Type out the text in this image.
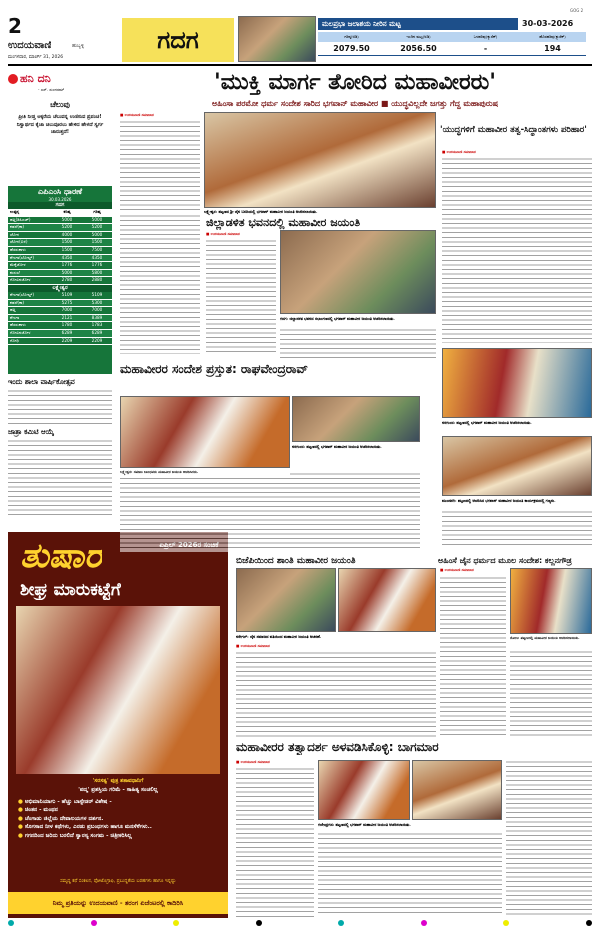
2
ಉದಯವಾಣಿ	ಹುಬ್ಬಳ್ಳಿ
ಮಂಗಳವಾರ, ಮಾರ್ಚ್ 31, 2026
ಗದಗ
ಮಲಪ್ರಭಾ ಜಲಾಶಯ ನೀರಿನ ಮಟ್ಟ	30-03-2026
GOG 2
ಗರಿಷ್ಠ(ಅಡಿ)	ಇಂದಿನ ಮಟ್ಟ(ಅಡಿ)	ಒಳಹರಿವು(ಕ್ಯುಸೆಕ್)	ಹೊರಹರಿವು(ಕ್ಯುಸೆಕ್)
2079.50	2056.50	-	194
ಹನಿ ದನಿ
- ಎಸ್. ಸುಂದರಮ್
ಚೆಲುವು
ಪ್ರೀತಿ ನೀಡ್ತ ಅಕ್ಕರೆಯ ಚೆಲುವನ್ನ ಉಣಿಸುವ ಪ್ರಪಂಚ! ನಿಸ್ವಾರ್ಥದ ಕೈಜಾ ಚಿಲುವೂರಲು ಹೇಳಿದ ಹೇಳದೆ ಸ್ವರ್ಗ ಜಾರುತ್ತದೆ!
ಎಪಿಎಂಸಿ ಧಾರಣೆ
30.03.2026
ಗದಗ
ಉತ್ಪನ್ನ	ಕನಿಷ್ಠ	ಗರಿಷ್ಠ
ಹತ್ತಿ(ಡಿಸಿಎಚ್)	5000	5000
ಕಡಲೆ(ಕಾ)	5200	5200
ಜೋಳ	4000	5000
ಜೋಳ(ಬಿಳಿ)	1500	1500
ಹೆಸರುಕಾಳು	1500	7500
ಶೇಂಗಾ(ಬೋಲ್ಡ್)	4350	4350
ಮೆಕ್ಕೆಜೋಳ	1776	1776
ಕುಸುಬೆ	5000	5800
ಗೋವಿನಜೋಳ	2780	2880
ಲಕ್ಷ್ಮೇಶ್ವರ
ಶೇಂಗಾ(ಬೋಲ್ಡ್)	5109	5109
ಕಡಲೆ(ಕಾ)	5275	5300
ಹತ್ತಿ	7000	7000
ಶೇಂಗಾ	2121	8389
ಹೆಸರುಕಾಳು	1780	1783
ಗೋವಿನಜೋಳ	6289	6289
ಗೋಧಿ	2209	2209
ಇಂದು ಶಾಲಾ ವಾರ್ಷಿಕೋತ್ಸವ
ಜಾತ್ರಾ ಕಮಿಟಿ ಆಯ್ಕೆ
ತುಷಾರ
ಶೀಘ್ರ ಮಾರುಕಟ್ಟೆಗೆ
'ಸರಸತ್ವ' ಪುತ್ರ ಶತಾವಧಾನಿಗೆ
'ಪದ್ಮ' ಪ್ರಶಸ್ತಿಯ ಗರಿಮೆ - ಸಾಹಿತ್ಯ ಸಂಚಲಿಲ್ಲ
● ಅಭಿಮಾನಿಯಾಗು - ಹೆಚ್ಚು ಬಾಸ್ಟೇಡರ್ ವಿಶೇಷ -
● ಚಿಂತನ - ಮಂಥನ
● ಚೆಂಗಾಡು ಜಿಲ್ಲೆಯ ದೇವಾಲಯಗಳ ದರ್ಶನ.
● ಸೊಗಸಾದ ನೀಳ ಕಥೆಗಳು, ಎರಡು ಪ್ರಬಂಧಗಳು ಹಾಗೂ ಮನಸೆಳೆಗಳು..
● ಗಗನದಿಂದ ಜರಿದು ಬರಲಿದೆ ಸ್ವಾರಸ್ಯ ಸಂಗಮ - ಚಿತ್ರೀಕರಿಸಿಲ್ಲ
ಸಮೃದ್ಧ ಕಥೆ ಸಂಕಲನ, ಫೋಟೊಗ್ರಾಫಿ, ಪ್ರಬುದ್ಧತೆಯ ಬರಹಗಳು ಹಾಗೂ ಇನ್ನಷ್ಟು
ನಿಮ್ಮ ಪ್ರತಿಯನ್ನು ಉದಯವಾಣಿ - ತರಂಗ ಏಜೆಂಟರಲ್ಲಿ ಕಾದಿರಿಸಿ
'ಮುಕ್ತಿ ಮಾರ್ಗ ತೋರಿದ ಮಹಾವೀರರು'
ಅಹಿಂಸಾ ಪರಮೋ ಧರ್ಮ ಸಂದೇಶ ಸಾರಿದ ಭಗವಾನ್ ಮಹಾವೀರ ■ ಯುದ್ಧವಿಲ್ಲದೇ ಜಗತ್ತು ಗೆದ್ದ ಮಹಾಪುರುಷ
■ ಉದಯವಾಣಿ ಸಮಾಚಾರ
ಲಕ್ಷ್ಮೇಶ್ವರ: ಪಟ್ಟಣದ ಶ್ರೀ ಜೈನ ಬಸದಿಯಲ್ಲಿ ಭಗವಾನ್ ಮಹಾವೀರ ಜಯಂತಿ ಆಚರಿಸಲಾಯಿತು.
'ಯುದ್ಧಗಳಿಗೆ ಮಹಾವೀರ ತತ್ವ-ಸಿದ್ಧಾಂತಗಳು ಪರಿಹಾರ'
■ ಉದಯವಾಣಿ ಸಮಾಚಾರ
ಜಿಲ್ಲಾಡಳಿತ ಭವನದಲ್ಲಿ ಮಹಾವೀರ ಜಯಂತಿ
■ ಉದಯವಾಣಿ ಸಮಾಚಾರ
ಗದಗ: ಜಿಲ್ಲಾಡಳಿತ ಭವನದ ಸಭಾಂಗಣದಲ್ಲಿ ಭಗವಾನ್ ಮಹಾವೀರ ಜಯಂತಿ ಆಚರಿಸಲಾಯಿತು.
ಮಹಾವೀರರ ಸಂದೇಶ ಪ್ರಸ್ತುತ: ರಾಘವೇಂದ್ರರಾವ್
ನರಗುಂದ: ಪಟ್ಟಣದಲ್ಲಿ ಭಗವಾನ್ ಮಹಾವೀರ ಜಯಂತಿ ಆಚರಿಸಲಾಯಿತು.
ಲಕ್ಷ್ಮೇಶ್ವರ: ಸಮಾಜ ಬಾಂಧವರು ಮಹಾವೀರ ಜಯಂತಿ ಆಚರಿಸಿದರು.
ನರಗುಂದ: ಪಟ್ಟಣದಲ್ಲಿ ಭಗವಾನ್ ಮಹಾವೀರ ಜಯಂತಿ ಆಚರಿಸಲಾಯಿತು.
ಮುಂಡರಗಿ: ಪಟ್ಟಣದಲ್ಲಿ ಆಚರಿಸಿದ ಭಗವಾನ್ ಮಹಾವೀರ ಜಯಂತಿ ಕಾರ್ಯಕ್ರಮದಲ್ಲಿ ಗಣ್ಯರು.
ಬಿಜೆಪಿಯಿಂದ ಶಾಂತಿ ಮಹಾವೀರ ಜಯಂತಿ
ನರೇಗಲ್: ಜೈನ ಸಮಾಜದ ವತಿಯಿಂದ ಮಹಾವೀರ ಜಯಂತಿ ಆಚರಣೆ.
■ ಉದಯವಾಣಿ ಸಮಾಚಾರ
ಅಹಿಂಸೆ ಜೈನ ಧರ್ಮದ ಮೂಲ ಸಂದೇಶ: ಕಲ್ಲನಗೌಡ್ರ
■ ಉದಯವಾಣಿ ಸಮಾಚಾರ
ರೋಣ: ಪಟ್ಟಣದಲ್ಲಿ ಮಹಾವೀರ ಜಯಂತಿ ಆಚರಿಸಲಾಯಿತು.
ಮಹಾವೀರರ ತತ್ವಾದರ್ಶ ಅಳವಡಿಸಿಕೊಳ್ಳಿ: ಬಾಗಮಾರ
■ ಉದಯವಾಣಿ ಸಮಾಚಾರ
ಗಜೇಂದ್ರಗಡ: ಪಟ್ಟಣದಲ್ಲಿ ಭಗವಾನ್ ಮಹಾವೀರ ಜಯಂತಿ ಆಚರಿಸಲಾಯಿತು.
